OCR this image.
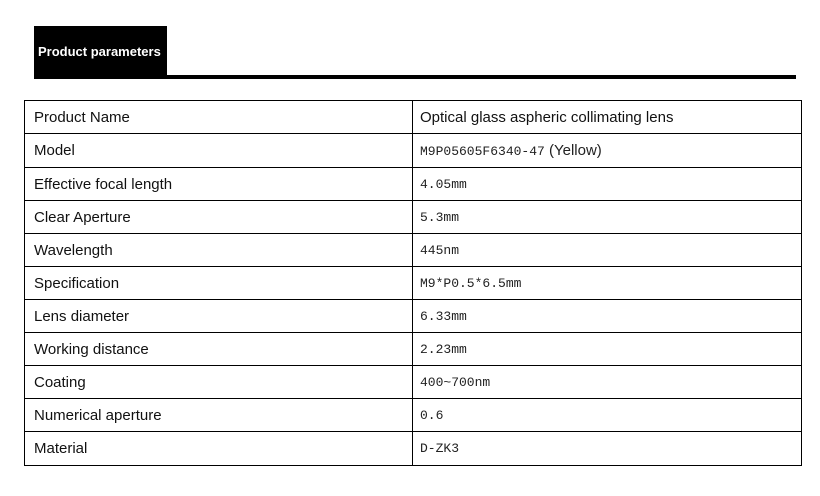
Product parameters
Product Name	Optical glass aspheric collimating lens

Model	M9P05605F6340-47 (Yellow)

Effective focal length	4.05mm

Clear Aperture	5.3mm

Wavelength	445nm

Specification	M9*P0.5*6.5mm

Lens diameter	6.33mm

Working distance	2.23mm

Coating	400~700nm

Numerical aperture	0.6

Material	D-ZK3
